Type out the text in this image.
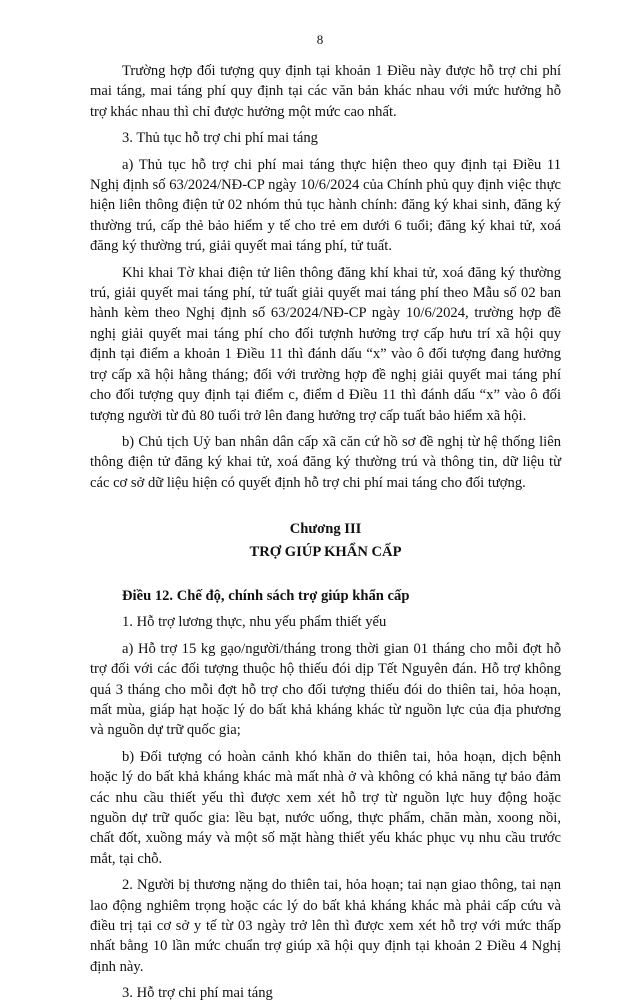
8

Trường hợp đối tượng quy định tại khoản 1 Điều này được hỗ trợ chi phí mai táng, mai táng phí quy định tại các văn bản khác nhau với mức hưởng hỗ trợ khác nhau thì chỉ được hưởng một mức cao nhất.

3. Thủ tục hỗ trợ chi phí mai táng

a) Thủ tục hỗ trợ chi phí mai táng thực hiện theo quy định tại Điều 11 Nghị định số 63/2024/NĐ-CP ngày 10/6/2024 của Chính phủ quy định việc thực hiện liên thông điện tử 02 nhóm thủ tục hành chính: đăng ký khai sinh, đăng ký thường trú, cấp thẻ bảo hiểm y tế cho trẻ em dưới 6 tuổi; đăng ký khai tử, xoá đăng ký thường trú, giải quyết mai táng phí, tử tuất.

Khi khai Tờ khai điện tử liên thông đăng khí khai tử, xoá đăng ký thường trú, giải quyết mai táng phí, tử tuất giải quyết mai táng phí theo Mẫu số 02 ban hành kèm theo Nghị định số 63/2024/NĐ-CP ngày 10/6/2024, trường hợp đề nghị giải quyết mai táng phí cho đối tượnh hưởng trợ cấp hưu trí xã hội quy định tại điểm a khoản 1 Điều 11 thì đánh dấu “x” vào ô đối tượng đang hưởng trợ cấp xã hội hằng tháng; đối với trường hợp đề nghị giải quyết mai táng phí cho đối tượng quy định tại điểm c, điểm d Điều 11 thì đánh dấu “x” vào ô đối tượng người từ đủ 80 tuổi trở lên đang hưởng trợ cấp tuất bảo hiểm xã hội.

b) Chủ tịch Uỷ ban nhân dân cấp xã căn cứ hồ sơ đề nghị từ hệ thống liên thông điện tử đăng ký khai tử, xoá đăng ký thường trú và thông tin, dữ liệu từ các cơ sở dữ liệu hiện có quyết định hỗ trợ chi phí mai táng cho đối tượng.

Chương III

TRỢ GIÚP KHẨN CẤP

Điều 12. Chế độ, chính sách trợ giúp khẩn cấp

1. Hỗ trợ lương thực, nhu yếu phẩm thiết yếu

a) Hỗ trợ 15 kg gạo/người/tháng trong thời gian 01 tháng cho mỗi đợt hỗ trợ đối với các đối tượng thuộc hộ thiếu đói dịp Tết Nguyên đán. Hỗ trợ không quá 3 tháng cho mỗi đợt hỗ trợ cho đối tượng thiếu đói do thiên tai, hỏa hoạn, mất mùa, giáp hạt hoặc lý do bất khả kháng khác từ nguồn lực của địa phương và nguồn dự trữ quốc gia;

b) Đối tượng có hoàn cảnh khó khăn do thiên tai, hỏa hoạn, dịch bệnh hoặc lý do bất khả kháng khác mà mất nhà ở và không có khả năng tự bảo đảm các nhu cầu thiết yếu thì được xem xét hỗ trợ từ nguồn lực huy động hoặc nguồn dự trữ quốc gia: lều bạt, nước uống, thực phẩm, chăn màn, xoong nồi, chất đốt, xuồng máy và một số mặt hàng thiết yếu khác phục vụ nhu cầu trước mắt, tại chỗ.

2. Người bị thương nặng do thiên tai, hỏa hoạn; tai nạn giao thông, tai nạn lao động nghiêm trọng hoặc các lý do bất khả kháng khác mà phải cấp cứu và điều trị tại cơ sở y tế từ 03 ngày trở lên thì được xem xét hỗ trợ với mức thấp nhất bằng 10 lần mức chuẩn trợ giúp xã hội quy định tại khoản 2 Điều 4 Nghị định này.

3. Hỗ trợ chi phí mai táng
